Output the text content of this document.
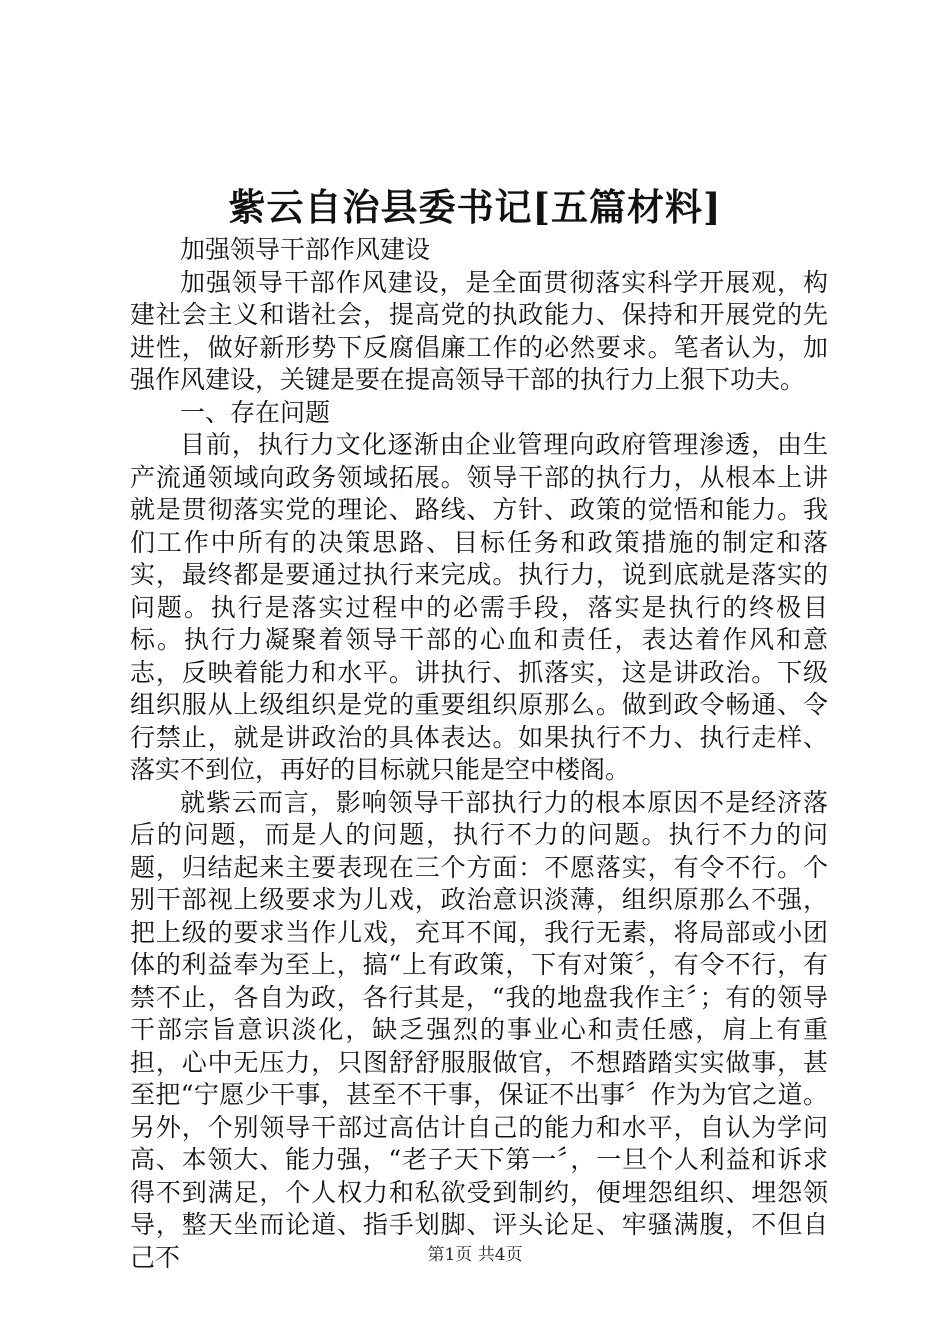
紫云自治县委书记[五篇材料]

加强领导干部作风建设

加强领导干部作风建设，是全面贯彻落实科学开展观，构建社会主义和谐社会，提高党的执政能力、保持和开展党的先进性，做好新形势下反腐倡廉工作的必然要求。笔者认为，加强作风建设，关键是要在提高领导干部的执行力上狠下功夫。

一、存在问题

目前，执行力文化逐渐由企业管理向政府管理渗透，由生产流通领域向政务领域拓展。领导干部的执行力，从根本上讲就是贯彻落实党的理论、路线、方针、政策的觉悟和能力。我们工作中所有的决策思路、目标任务和政策措施的制定和落实，最终都是要通过执行来完成。执行力，说到底就是落实的问题。执行是落实过程中的必需手段，落实是执行的终极目标。执行力凝聚着领导干部的心血和责任，表达着作风和意志，反映着能力和水平。讲执行、抓落实，这是讲政治。下级组织服从上级组织是党的重要组织原那么。做到政令畅通、令行禁止，就是讲政治的具体表达。如果执行不力、执行走样、落实不到位，再好的目标就只能是空中楼阁。

就紫云而言，影响领导干部执行力的根本原因不是经济落后的问题，而是人的问题，执行不力的问题。执行不力的问题，归结起来主要表现在三个方面：不愿落实，有令不行。个别干部视上级要求为儿戏，政治意识淡薄，组织原那么不强，把上级的要求当作儿戏，充耳不闻，我行无素，将局部或小团体的利益奉为至上，搞“上有政策，下有对策〞，有令不行，有禁不止，各自为政，各行其是，“我的地盘我作主〞；有的领导干部宗旨意识淡化，缺乏强烈的事业心和责任感，肩上有重担，心中无压力，只图舒舒服服做官，不想踏踏实实做事，甚至把“宁愿少干事，甚至不干事，保证不出事〞作为为官之道。另外，个别领导干部过高估计自己的能力和水平，自认为学问高、本领大、能力强，“老子天下第一〞，一旦个人利益和诉求得不到满足，个人权力和私欲受到制约，便埋怨组织、埋怨领导，整天坐而论道、指手划脚、评头论足、牢骚满腹，不但自己不	第1页 共4页
